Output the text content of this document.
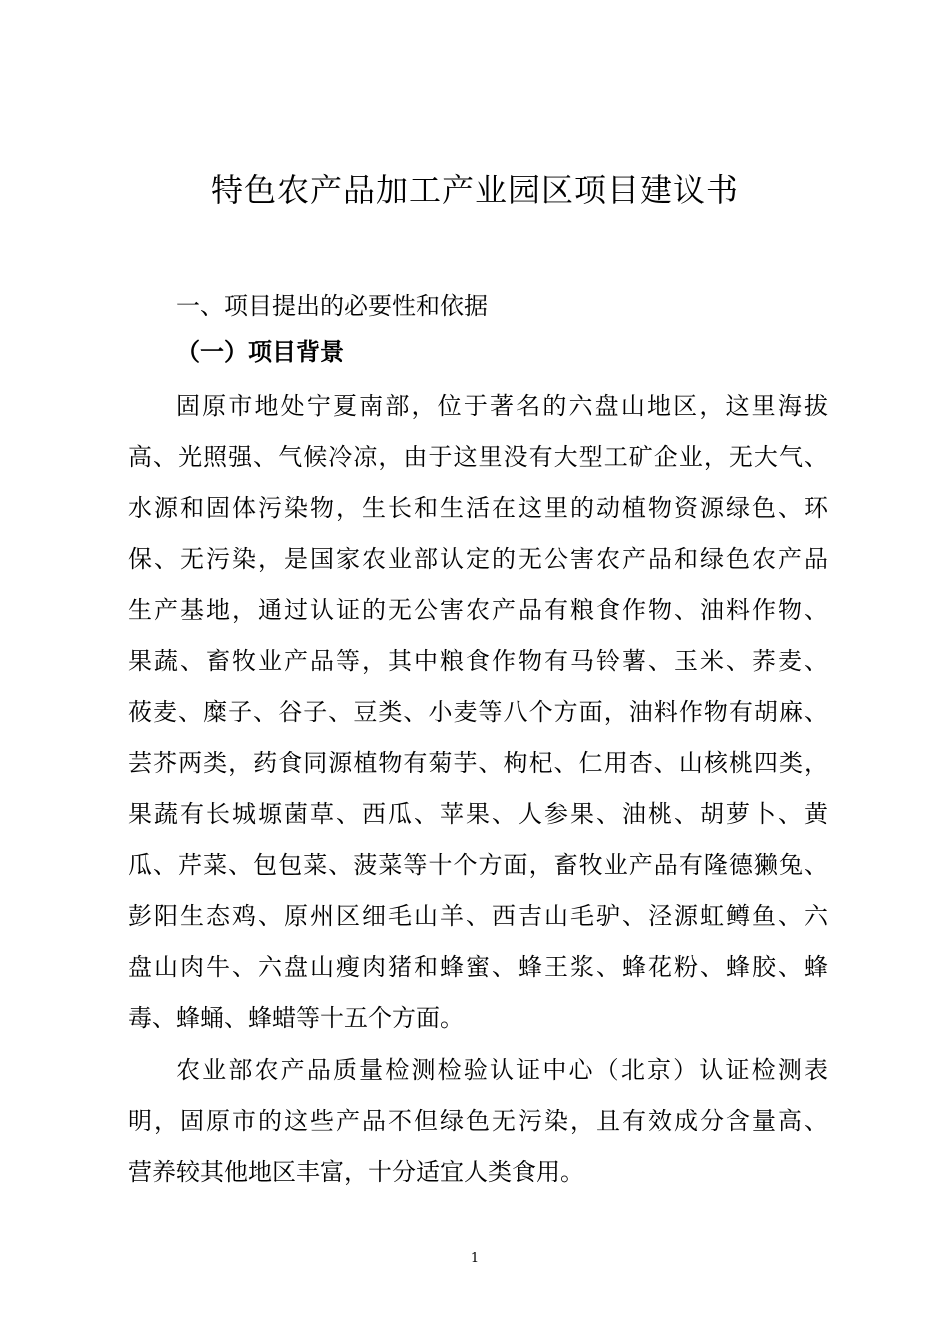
特色农产品加工产业园区项目建议书
一、项目提出的必要性和依据
（一）项目背景
固原市地处宁夏南部，位于著名的六盘山地区，这里海拔
高、光照强、气候冷凉，由于这里没有大型工矿企业，无大气、
水源和固体污染物，生长和生活在这里的动植物资源绿色、环
保、无污染，是国家农业部认定的无公害农产品和绿色农产品
生产基地，通过认证的无公害农产品有粮食作物、油料作物、
果蔬、畜牧业产品等，其中粮食作物有马铃薯、玉米、荞麦、
莜麦、糜子、谷子、豆类、小麦等八个方面，油料作物有胡麻、
芸芥两类，药食同源植物有菊芋、枸杞、仁用杏、山核桃四类，
果蔬有长城塬菌草、西瓜、苹果、人参果、油桃、胡萝卜、黄
瓜、芹菜、包包菜、菠菜等十个方面，畜牧业产品有隆德獭兔、
彭阳生态鸡、原州区细毛山羊、西吉山毛驴、泾源虹鳟鱼、六
盘山肉牛、六盘山瘦肉猪和蜂蜜、蜂王浆、蜂花粉、蜂胶、蜂
毒、蜂蛹、蜂蜡等十五个方面。
农业部农产品质量检测检验认证中心（北京）认证检测表
明，固原市的这些产品不但绿色无污染，且有效成分含量高、
营养较其他地区丰富，十分适宜人类食用。
1
